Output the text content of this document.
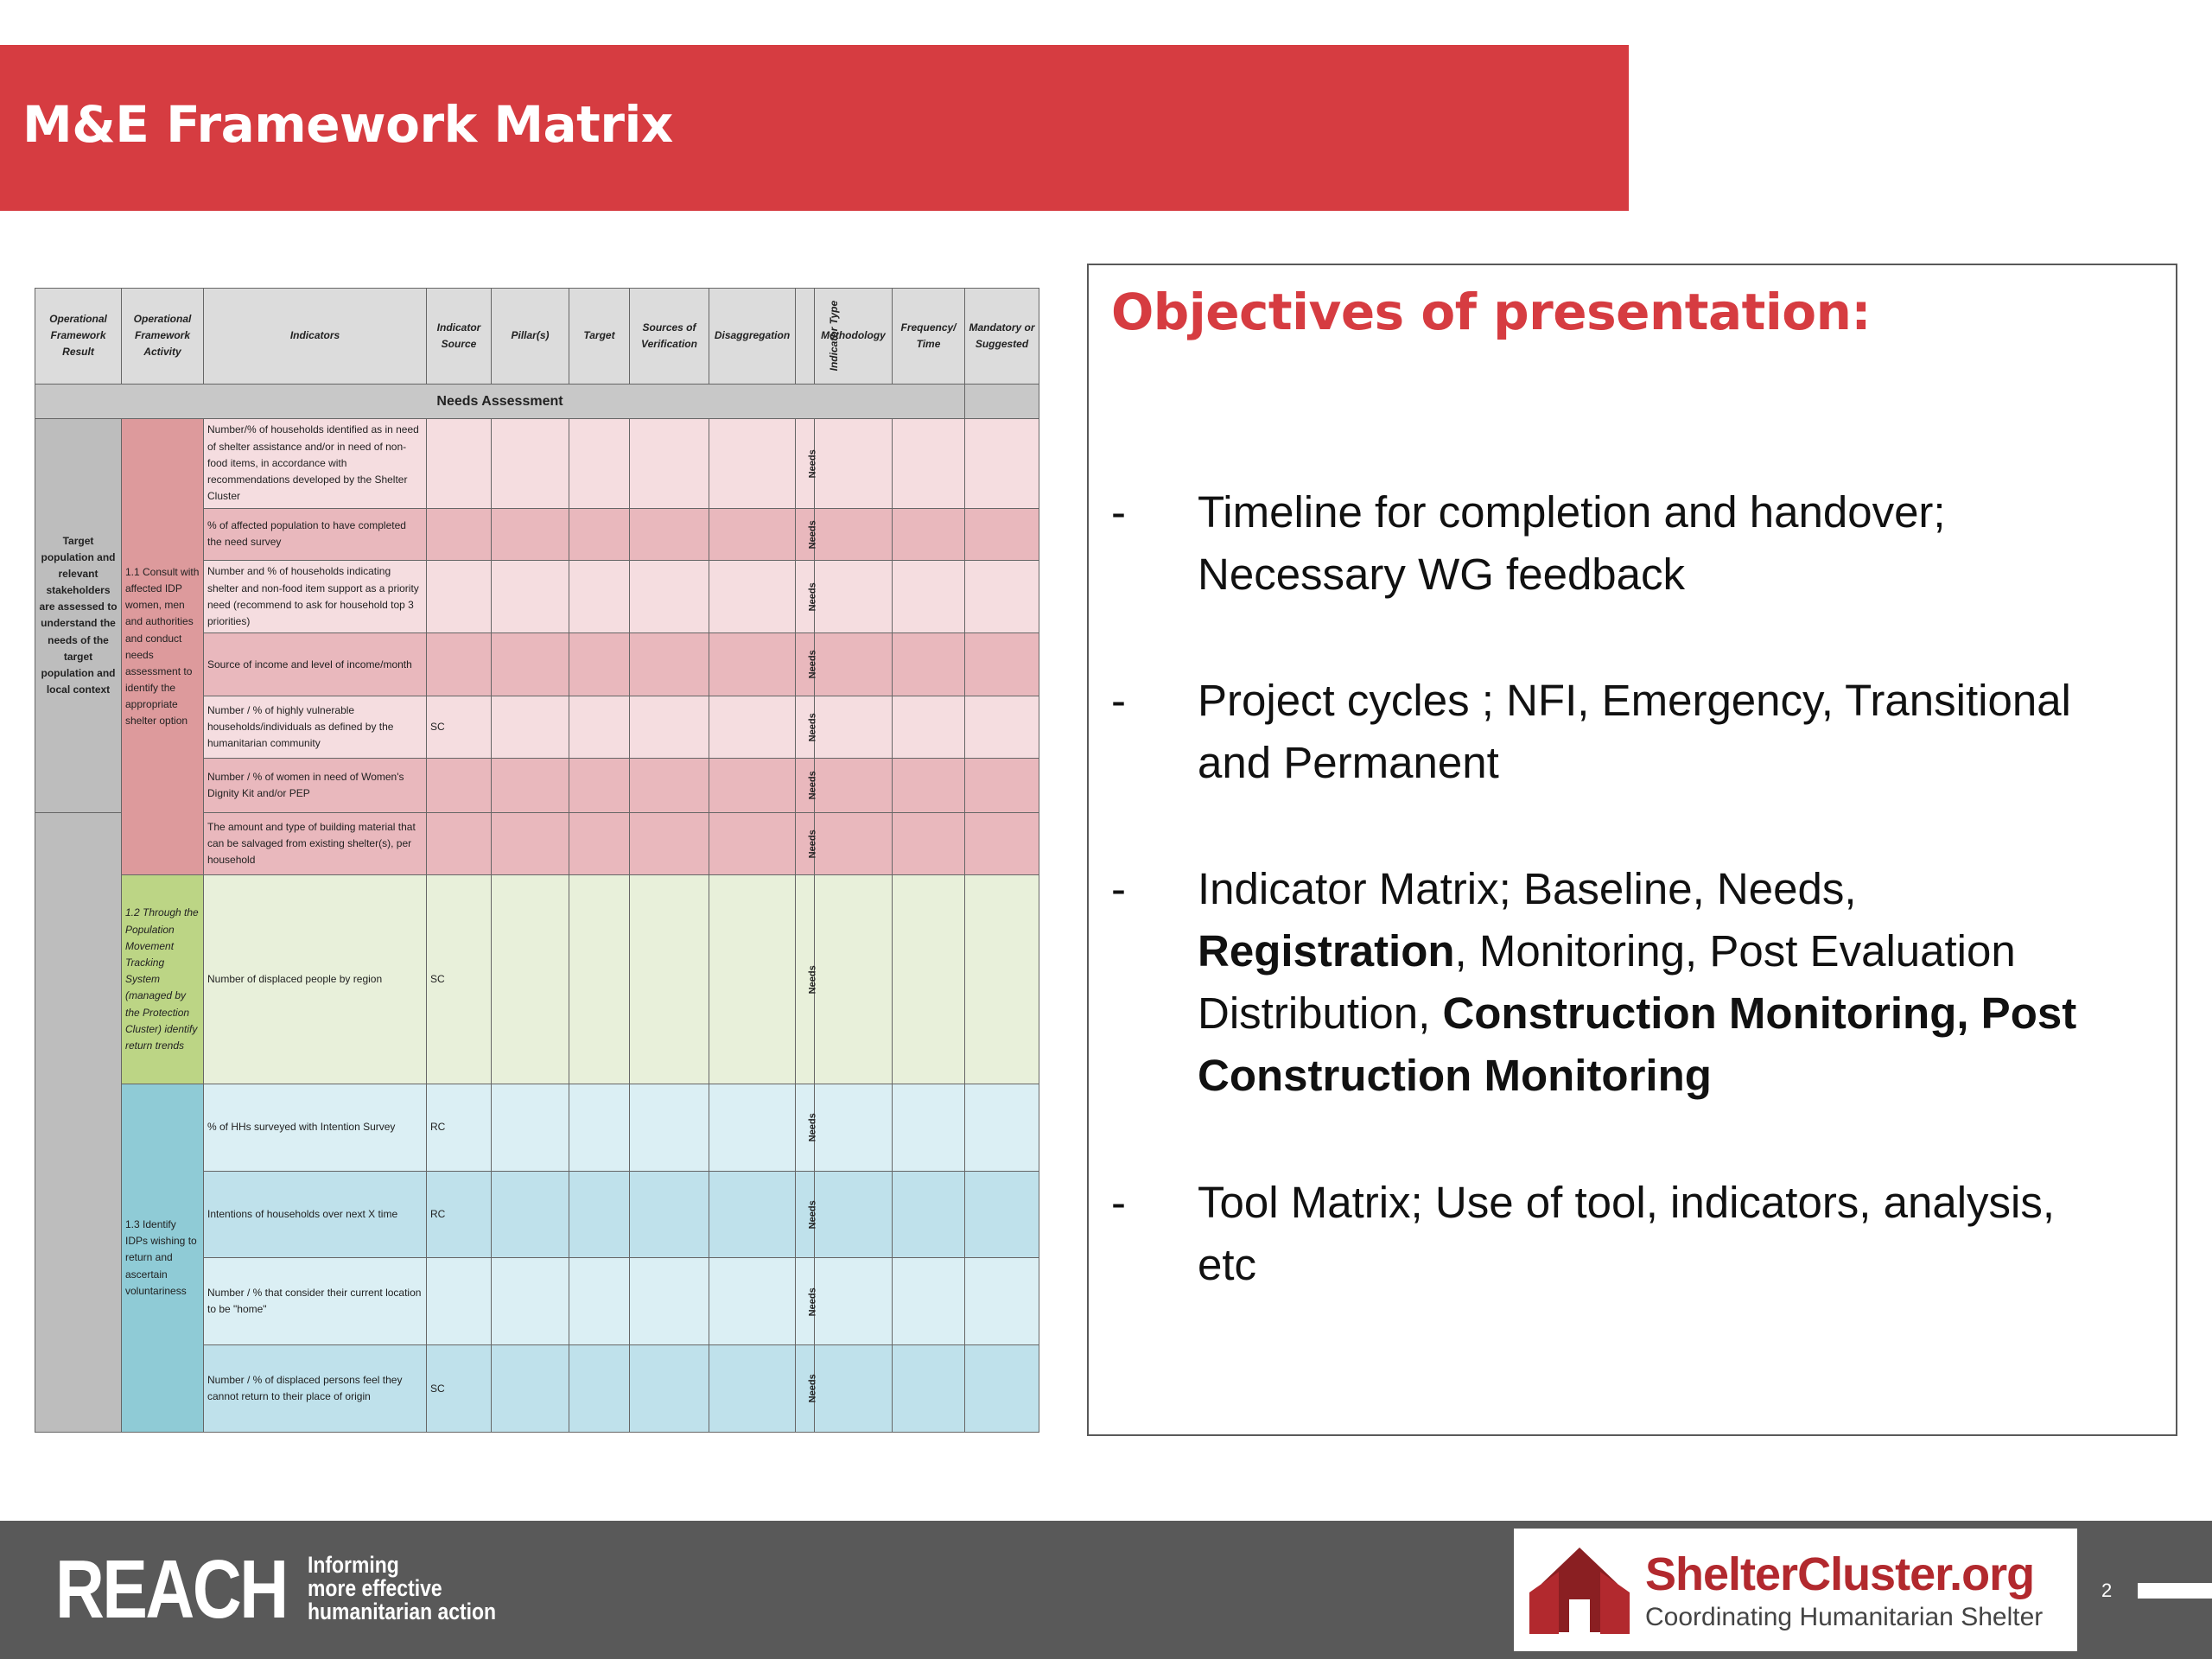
M&E Framework Matrix
Operational Framework Result	Operational Framework Activity	Indicators	Indicator Source	Pillar(s)	Target	Sources of Verification	Disaggregation	Indicator Type	Methodology	Frequency/ Time	Mandatory or Suggested
Needs Assessment											
Target population and relevant stakeholders are assessed to understand the needs of the target population and local context	1.1 Consult with affected IDP women, men and authorities and conduct needs assessment to identify the appropriate shelter option	Number/% of households identified as in need of shelter assistance and/or in need of non-food items, in accordance with recommendations developed by the Shelter Cluster						Needs			
		% of affected population to have completed the need survey						Needs			
		Number and % of households indicating shelter and non-food item support as a priority need (recommend to ask for household top 3 priorities)						Needs			
		Source of income and level of income/month						Needs			
		Number / % of highly vulnerable households/individuals as defined by the humanitarian community	SC					Needs			
		Number / % of women in need of Women's Dignity Kit and/or PEP						Needs			
		The amount and type of building material that can be salvaged from existing shelter(s), per household						Needs			
	1.2 Through the Population Movement Tracking System (managed by the Protection Cluster) identify return trends	Number of displaced people by region	SC					Needs			
	1.3 Identify IDPs wishing to return and ascertain voluntariness	% of HHs surveyed with Intention Survey	RC					Needs			
		Intentions of households over next X time	RC					Needs			
		Number / % that consider their current location to be "home"						Needs			
		Number / % of displaced persons feel they cannot return to their place of origin	SC					Needs			
Objectives of presentation:
- Timeline for completion and handover;
Necessary WG feedback
- Project cycles ; NFI, Emergency, Transitional
and Permanent
- Indicator Matrix; Baseline, Needs,
Registration, Monitoring, Post Evaluation
Distribution, Construction Monitoring, Post
Construction Monitoring
- Tool Matrix; Use of tool, indicators, analysis,
etc
REACH Informing
more effective
humanitarian action
ShelterCluster.org
Coordinating Humanitarian Shelter
2
